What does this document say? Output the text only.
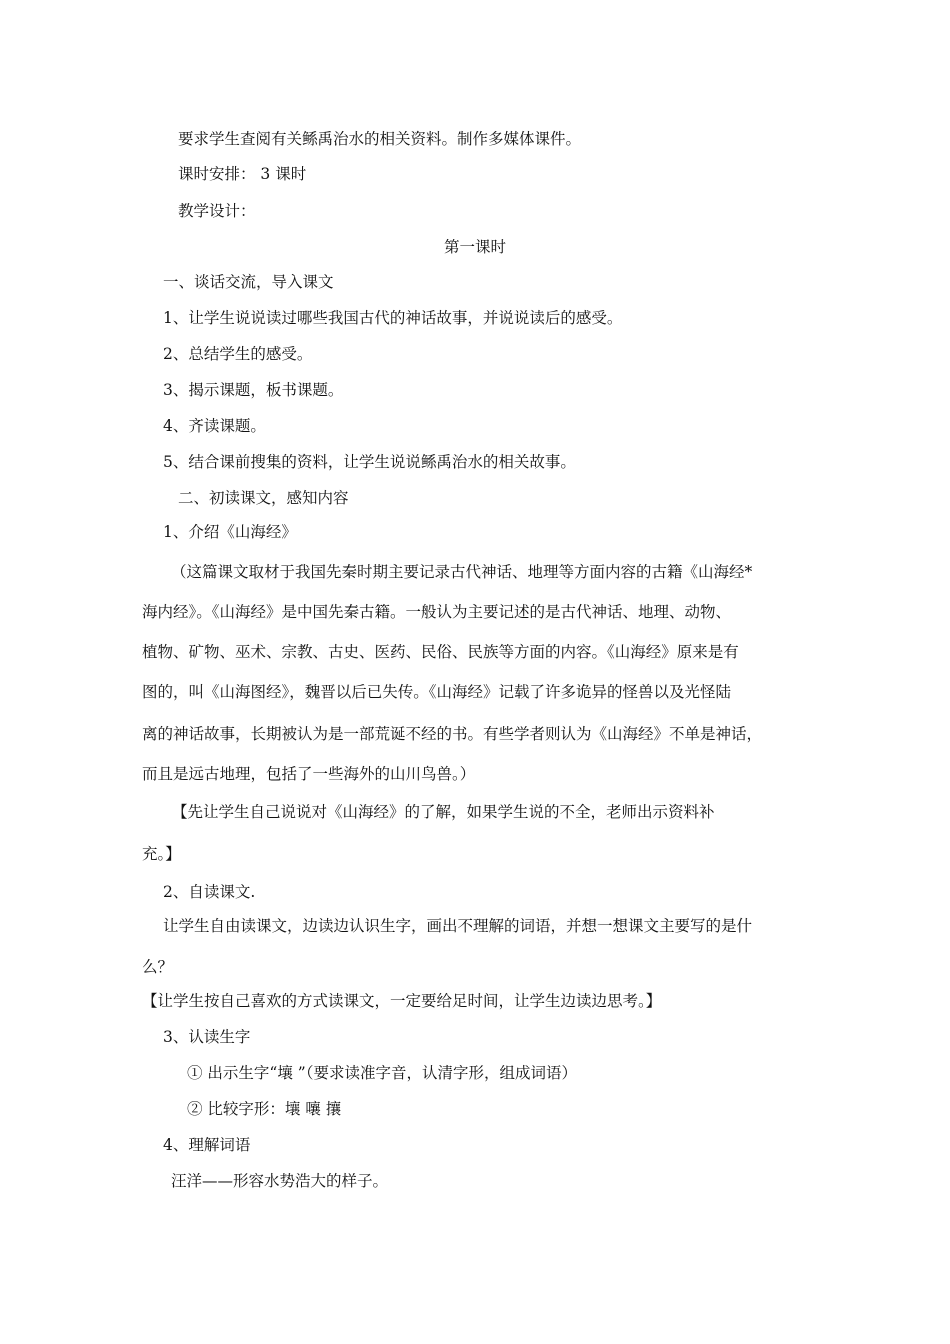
要求学生查阅有关鲧禹治水的相关资料。制作多媒体课件。

课时安排： 3 课时

教学设计：

第一课时

一、谈话交流，导入课文

1、让学生说说读过哪些我国古代的神话故事，并说说读后的感受。

2、总结学生的感受。

3、揭示课题，板书课题。

4、齐读课题。

5、结合课前搜集的资料，让学生说说鲧禹治水的相关故事。

二、初读课文，感知内容

1、介绍《山海经》

（这篇课文取材于我国先秦时期主要记录古代神话、地理等方面内容的古籍《山海经*

海内经》。《山海经》是中国先秦古籍。一般认为主要记述的是古代神话、地理、动物、

植物、矿物、巫术、宗教、古史、医药、民俗、民族等方面的内容。《山海经》原来是有

图的，叫《山海图经》，魏晋以后已失传。《山海经》记载了许多诡异的怪兽以及光怪陆

离的神话故事，长期被认为是一部荒诞不经的书。有些学者则认为《山海经》不单是神话，

而且是远古地理，包括了一些海外的山川鸟兽。）

【先让学生自己说说对《山海经》的了解，如果学生说的不全，老师出示资料补

充。】

2、自读课文.

让学生自由读课文，边读边认识生字，画出不理解的词语，并想一想课文主要写的是什

么？

【让学生按自己喜欢的方式读课文，一定要给足时间，让学生边读边思考。】

3、认读生字

① 出示生字“壤 ”（要求读准字音，认清字形，组成词语）

② 比较字形：壤 嚷 攘

4、理解词语

汪洋——形容水势浩大的样子。
